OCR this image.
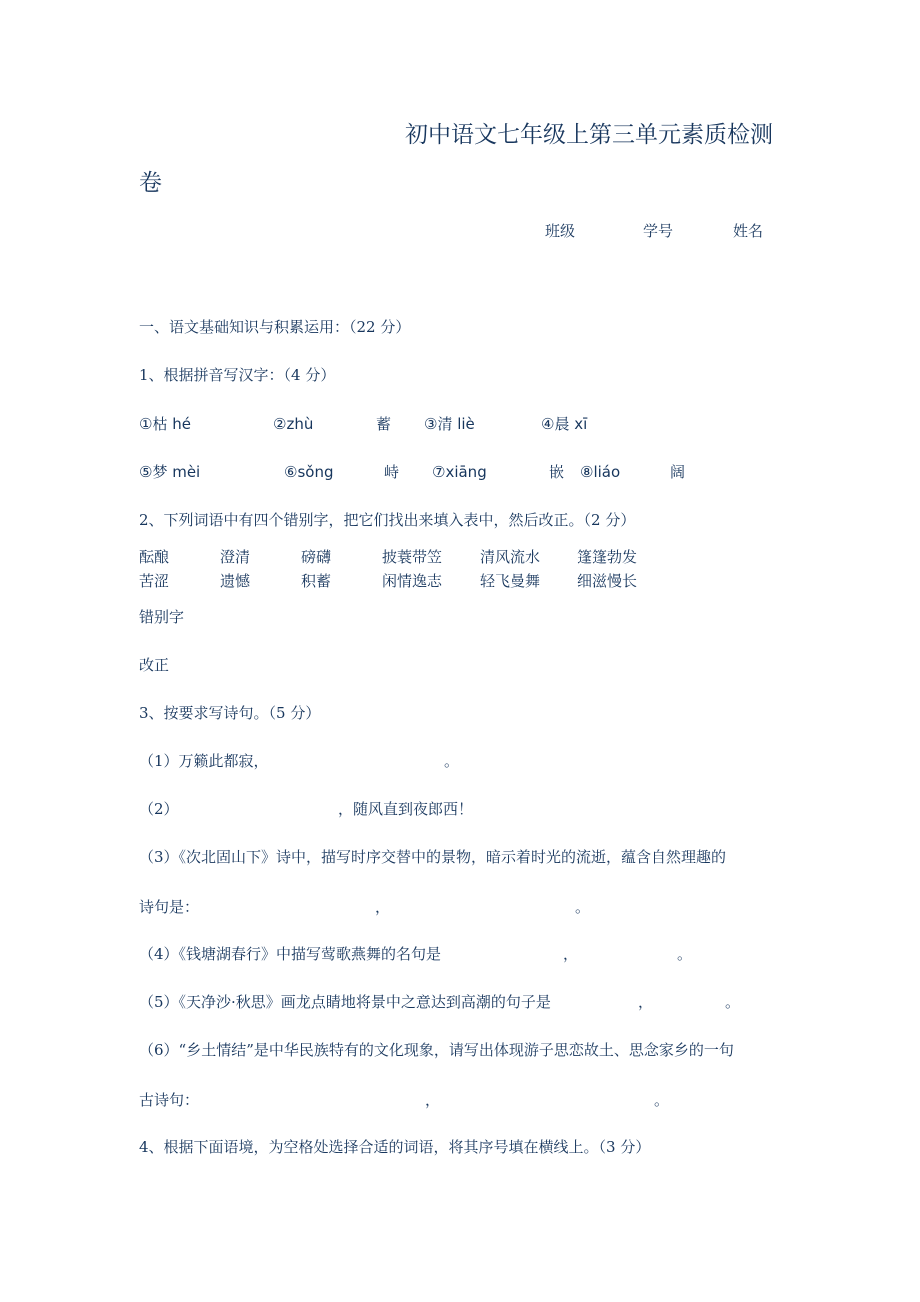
初中语文七年级上第三单元素质检测
卷
班级	学号	姓名
一、语文基础知识与积累运用：（22 分）
1、根据拼音写汉字：（4 分）
①枯 hé	②zhù	蓄 ③清 liè	④晨 xī
⑤梦 mèi	⑥sǒng	峙 ⑦xiāng	嵌 ⑧liáo	阔
2、下列词语中有四个错别字，把它们找出来填入表中，然后改正。（2 分）
酝酿	澄清	磅礴	披蓑带笠	清风流水 篷篷勃发
苦涩	遗憾	积蓄	闲情逸志	轻飞曼舞 细滋慢长
错别字
改正
3、按要求写诗句。（5 分）
（1）万籁此都寂，	。
（2）	，随风直到夜郎西！
（3）《次北固山下》诗中，描写时序交替中的景物，暗示着时光的流逝，蕴含自然理趣的
诗句是：	，	。
（4）《钱塘湖春行》中描写莺歌燕舞的名句是	，	。
（5）《天净沙·秋思》画龙点睛地将景中之意达到高潮的句子是	，	。
（6）“乡土情结”是中华民族特有的文化现象，请写出体现游子思恋故土、思念家乡的一句
古诗句：	，	。
4、根据下面语境，为空格处选择合适的词语，将其序号填在横线上。（3 分）
